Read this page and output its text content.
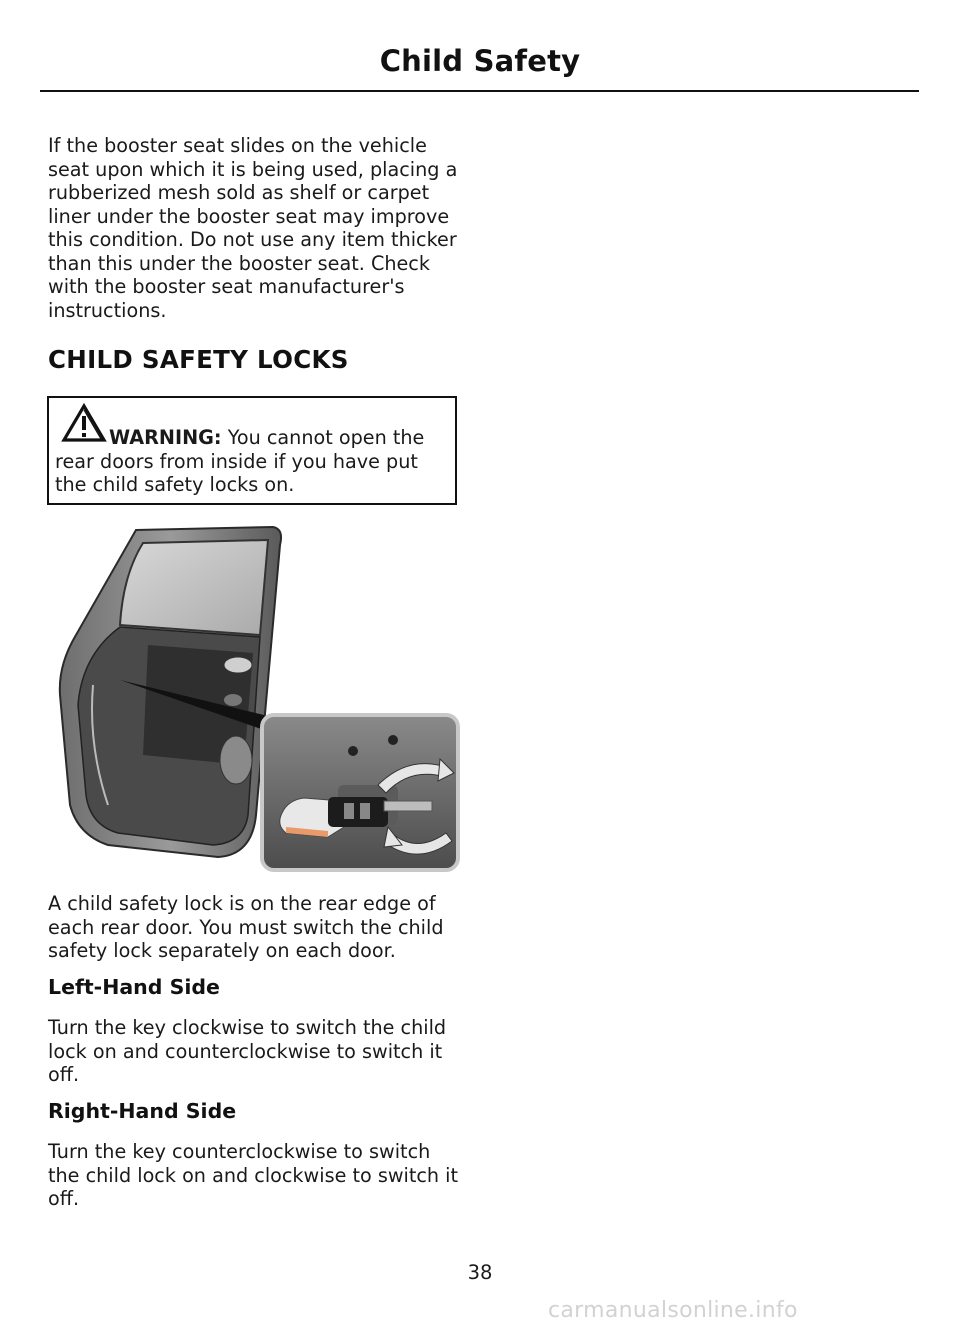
Child Safety

If the booster seat slides on the vehicle seat upon which it is being used, placing a rubberized mesh sold as shelf or carpet liner under the booster seat may improve this condition. Do not use any item thicker than this under the booster seat. Check with the booster seat manufacturer's instructions.

CHILD SAFETY LOCKS

WARNING: You cannot open the rear doors from inside if you have put the child safety locks on.

A child safety lock is on the rear edge of each rear door. You must switch the child safety lock separately on each door.

Left-Hand Side

Turn the key clockwise to switch the child lock on and counterclockwise to switch it off.

Right-Hand Side

Turn the key counterclockwise to switch the child lock on and clockwise to switch it off.

38
carmanualsonline.info
